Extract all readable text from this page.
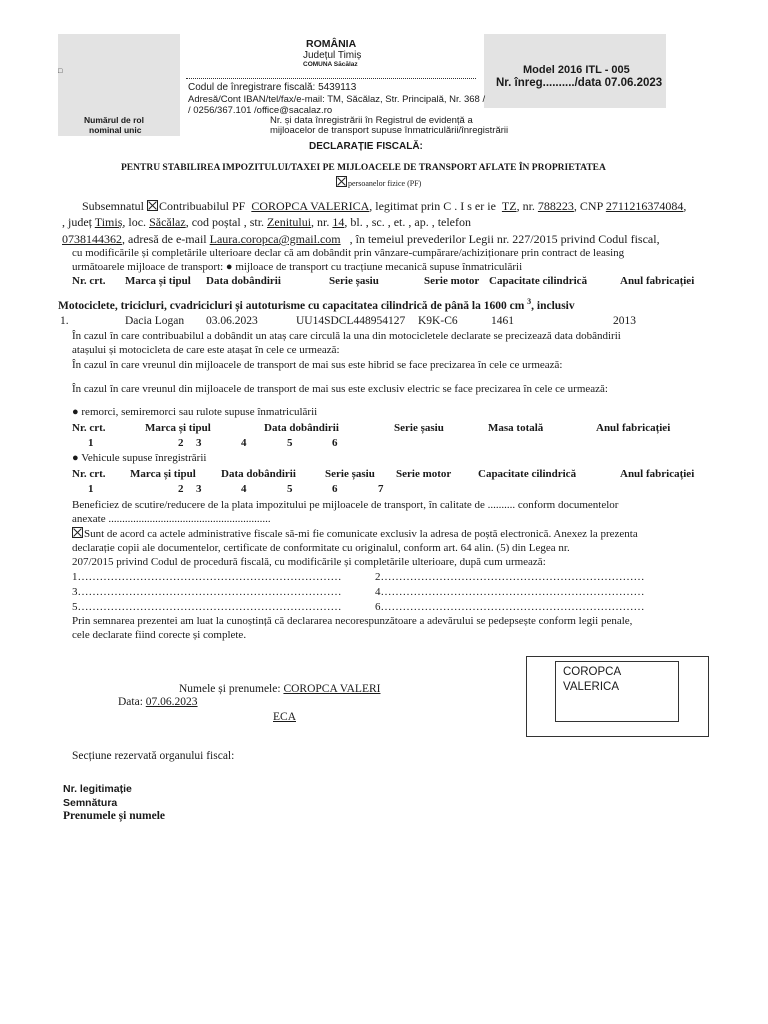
□
Numărul de rol
nominal unic
ROMÂNIA
Județul Timiș
COMUNA Săcălaz
Codul de înregistrare fiscală: 5439113
Adresă/Cont IBAN/tel/fax/e-mail: TM, Săcălaz, Str. Principală, Nr. 368 /
/ 0256/367.101 /office@sacalaz.ro
Nr. și data înregistrării în Registrul de evidență a
mijloacelor de transport supuse înmatriculării/înregistrării
Model 2016 ITL - 005
Nr. înreg........../data 07.06.2023
DECLARAȚIE FISCALĂ:
PENTRU STABILIREA IMPOZITULUI/TAXEI PE MIJLOACELE DE TRANSPORT AFLATE ÎN PROPRIETATEA
persoanelor fizice (PF)
Subsemnatul Contribuabilul PF COROPCA VALERICA, legitimat prin C . I s er ie TZ, nr. 788223, CNP 2711216374084,
, județ Timiș, loc. Săcălaz, cod poștal , str. Zenitului, nr. 14, bl. , sc. , et. , ap. , telefon
0738144362, adresă de e-mail Laura.coropca@gmail.com , în temeiul prevederilor Legii nr. 227/2015 privind Codul fiscal,
cu modificările și completările ulterioare declar că am dobândit prin vânzare-cumpărare/achiziționare prin contract de leasing
următoarele mijloace de transport: ● mijloace de transport cu tracțiune mecanică supuse înmatriculării
Nr. crt. Marca și tipul Data dobândirii	Serie șasiu	Serie motor Capacitate cilindrică	Anul fabricației
Motociclete, tricicluri, cvadricicluri și autoturisme cu capacitatea cilindrică de până la 1600 cm $^3$, inclusiv
1.	Dacia Logan 03.06.2023	UU14SDCL448954127 K9K-C6	1461	2013
În cazul în care contribuabilul a dobândit un ataș care circulă la una din motocicletele declarate se precizează data dobândirii
atașului și motocicleta de care este atașat în cele ce urmează:
În cazul în care vreunul din mijloacele de transport de mai sus este hibrid se face precizarea în cele ce urmează:
În cazul în care vreunul din mijloacele de transport de mai sus este exclusiv electric se face precizarea în cele ce urmează:
● remorci, semiremorci sau rulote supuse înmatriculării
Nr. crt.	Marca și tipul	Data dobândirii	Serie șasiu	Masa totală	Anul fabricației
1	2 3	4	5	6
● Vehicule supuse înregistrării
Nr. crt. Marca și tipul Data dobândirii	Serie șasiu Serie motor Capacitate cilindrică	Anul fabricației
1	2 3	4	5	6	7
Beneficiez de scutire/reducere de la plata impozitului pe mijloacele de transport, în calitate de .......... conform documentelor
anexate ...........................................................
Sunt de acord ca actele administrative fiscale să-mi fie comunicate exclusiv la adresa de poștă electronică. Anexez la prezenta
declarație copii ale documentelor, certificate de conformitate cu originalul, conform art. 64 alin. (5) din Legea nr.
207/2015 privind Codul de procedură fiscală, cu modificările și completările ulterioare, după cum urmează:
1………………………………………………………………	2………………………………………………………………
3………………………………………………………………	4………………………………………………………………
5………………………………………………………………	6………………………………………………………………
Prin semnarea prezentei am luat la cunoștință că declararea necorespunzătoare a adevărului se pedepsește conform legii penale,
cele declarate fiind corecte și complete.
COROPCA
VALERICA
Numele și prenumele: COROPCA VALERI
Data: 07.06.2023
ECA
Secțiune rezervată organului fiscal:
Nr. legitimație
Semnătura
Prenumele și numele
